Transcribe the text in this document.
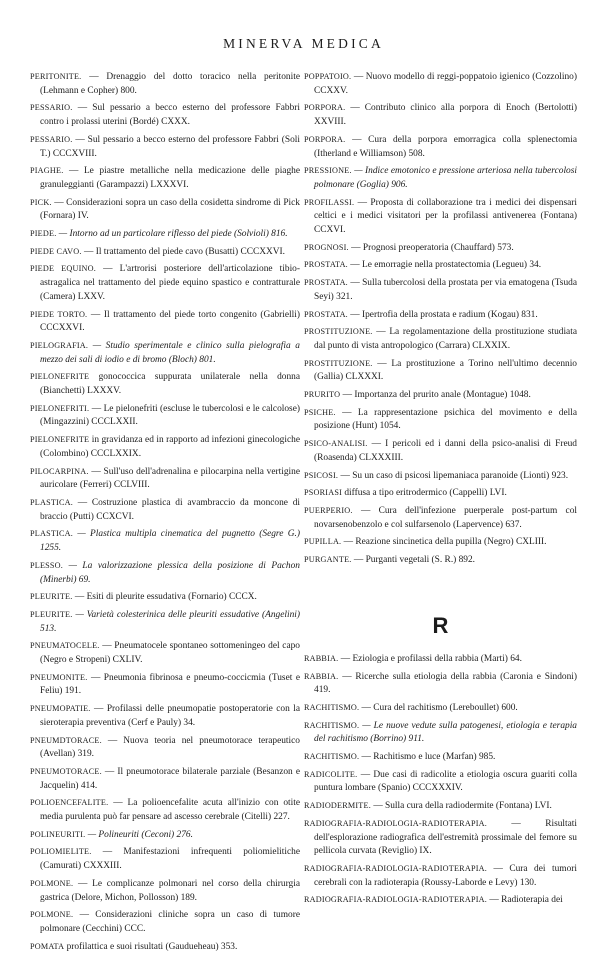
MINERVA MEDICA

PERITONITE. — Drenaggio del dotto toracico nella peritonite (Lehmann e Copher) 800.

PESSARIO. — Sul pessario a becco esterno del professore Fabbri contro i prolassi uterini (Bordé) CXXX.

PESSARIO. — Sul pessario a becco esterno del professore Fabbri (Soli T.) CCCXVIII.

PIAGHE. — Le piastre metalliche nella medicazione delle piaghe granuleggianti (Garampazzi) LXXXVI.

PICK. — Considerazioni sopra un caso della cosidetta sindrome di Pick (Fornara) IV.

PIEDE. — Intorno ad un particolare riflesso del piede (Solvioli) 816.

PIEDE CAVO. — Il trattamento del piede cavo (Busatti) CCCXXVI.

PIEDE EQUINO. — L'artrorisi posteriore dell'articolazione tibio-astragalica nel trattamento del piede equino spastico e contratturale (Camera) LXXV.

PIEDE TORTO. — Il trattamento del piede torto congenito (Gabrielli) CCCXXVI.

PIELOGRAFIA. — Studio sperimentale e clinico sulla pielografia a mezzo dei sali di iodio e di bromo (Bloch) 801.

PIELONEFRITE gonococcica suppurata unilaterale nella donna (Bianchetti) LXXXV.

PIELONEFRITI. — Le pielonefriti (escluse le tubercolosi e le calcolose) (Mingazzini) CCCLXXII.

PIELONEFRITE in gravidanza ed in rapporto ad infezioni ginecologiche (Colombino) CCCLXXIX.

PILOCARPINA. — Sull'uso dell'adrenalina e pilocarpina nella vertigine auricolare (Ferreri) CCLVIII.

PLASTICA. — Costruzione plastica di avambraccio da moncone di braccio (Putti) CCXCVI.

PLASTICA. — Plastica multipla cinematica del pugnetto (Segre G.) 1255.

PLESSO. — La valorizzazione plessica della posizione di Pachon (Minerbi) 69.

PLEURITE. — Esiti di pleurite essudativa (Fornario) CCCX.

PLEURITE. — Varietà colesterinica delle pleuriti essudative (Angelini) 513.

PNEUMATOCELE. — Pneumatocele spontaneo sottomeningeo del capo (Negro e Stropeni) CXLIV.

PNEUMONITE. — Pneumonia fibrinosa e pneumo-coccicmia (Tuset e Feliu) 191.

PNEUMOPATIE. — Profilassi delle pneumopatie postoperatorie con la sieroterapia preventiva (Cerf e Pauly) 34.

PNEUMDTORACE. — Nuova teoria nel pneumotorace terapeutico (Avellan) 319.

PNEUMOTORACE. — Il pneumotorace bilaterale parziale (Besanzon e Jacquelin) 414.

POLIOENCEFALITE. — La polioencefalite acuta all'inizio con otite media purulenta può far pensare ad ascesso cerebrale (Citelli) 227.

POLINEURITI. — Polineuriti (Ceconi) 276.

POLIOMIELITE. — Manifestazioni infrequenti poliomielitiche (Camurati) CXXXIII.

POLMONE. — Le complicanze polmonari nel corso della chirurgia gastrica (Delore, Michon, Pollosson) 189.

POLMONE. — Considerazioni cliniche sopra un caso di tumore polmonare (Cecchini) CCC.

POMATA profilattica e suoi risultati (Gaudueheau) 353.

POPPATOIO. — Nuovo modello di reggi-poppatoio igienico (Cozzolino) CCXXV.

PORPORA. — Contributo clinico alla porpora di Enoch (Bertolotti) XXVIII.

PORPORA. — Cura della porpora emorragica colla splenectomia (Itherland e Williamson) 508.

PRESSIONE. — Indice emotonico e pressione arteriosa nella tubercolosi polmonare (Goglia) 906.

PROFILASSI. — Proposta di collaborazione tra i medici dei dispensari celtici e i medici visitatori per la profilassi antivenerea (Fontana) CCXVI.

PROGNOSI. — Prognosi preoperatoria (Chauffard) 573.

PROSTATA. — Le emorragie nella prostatectomia (Legueu) 34.

PROSTATA. — Sulla tubercolosi della prostata per via ematogena (Tsuda Seyi) 321.

PROSTATA. — Ipertrofia della prostata e radium (Kogau) 831.

PROSTITUZIONE. — La regolamentazione della prostituzione studiata dal punto di vista antropologico (Carrara) CLXXIX.

PROSTITUZIONE. — La prostituzione a Torino nell'ultimo decennio (Gallia) CLXXXI.

PRURITO — Importanza del prurito anale (Montague) 1048.

PSICHE. — La rappresentazione psichica del movimento e della posizione (Hunt) 1054.

PSICO-ANALISI. — I pericoli ed i danni della psico-analisi di Freud (Roasenda) CLXXXIII.

PSICOSI. — Su un caso di psicosi lipemaniaca paranoide (Lionti) 923.

PSORIASI diffusa a tipo eritrodermico (Cappelli) LVI.

PUERPERIO. — Cura dell'infezione puerperale post-partum col novarsenobenzolo e col sulfarsenolo (Lapervence) 637.

PUPILLA. — Reazione sincinetica della pupilla (Negro) CXLIII.

PURGANTE. — Purganti vegetali (S. R.) 892.

R

RABBIA. — Eziologia e profilassi della rabbia (Marti) 64.

RABBIA. — Ricerche sulla etiologia della rabbia (Caronia e Sindoni) 419.

RACHITISMO. — Cura del rachitismo (Lereboullet) 600.

RACHITISMO. — Le nuove vedute sulla patogenesi, etiologia e terapia del rachitismo (Borrino) 911.

RACHITISMO. — Rachitismo e luce (Marfan) 985.

RADICOLITE. — Due casi di radicolite a etiologia oscura guariti colla puntura lombare (Spanio) CCCXXXIV.

RADIODERMITE. — Sulla cura della radiodermite (Fontana) LVI.

RADIOGRAFIA-RADIOLOGIA-RADIOTERAPIA. — Risultati dell'esplorazione radiografica dell'estremità prossimale del femore su pellicola curvata (Reviglio) IX.

RADIOGRAFIA-RADIOLOGIA-RADIOTERAPIA. — Cura dei tumori cerebrali con la radioterapia (Roussy-Laborde e Levy) 130.

RADIOGRAFIA-RADIOLOGIA-RADIOTERAPIA. — Radioterapia dei
